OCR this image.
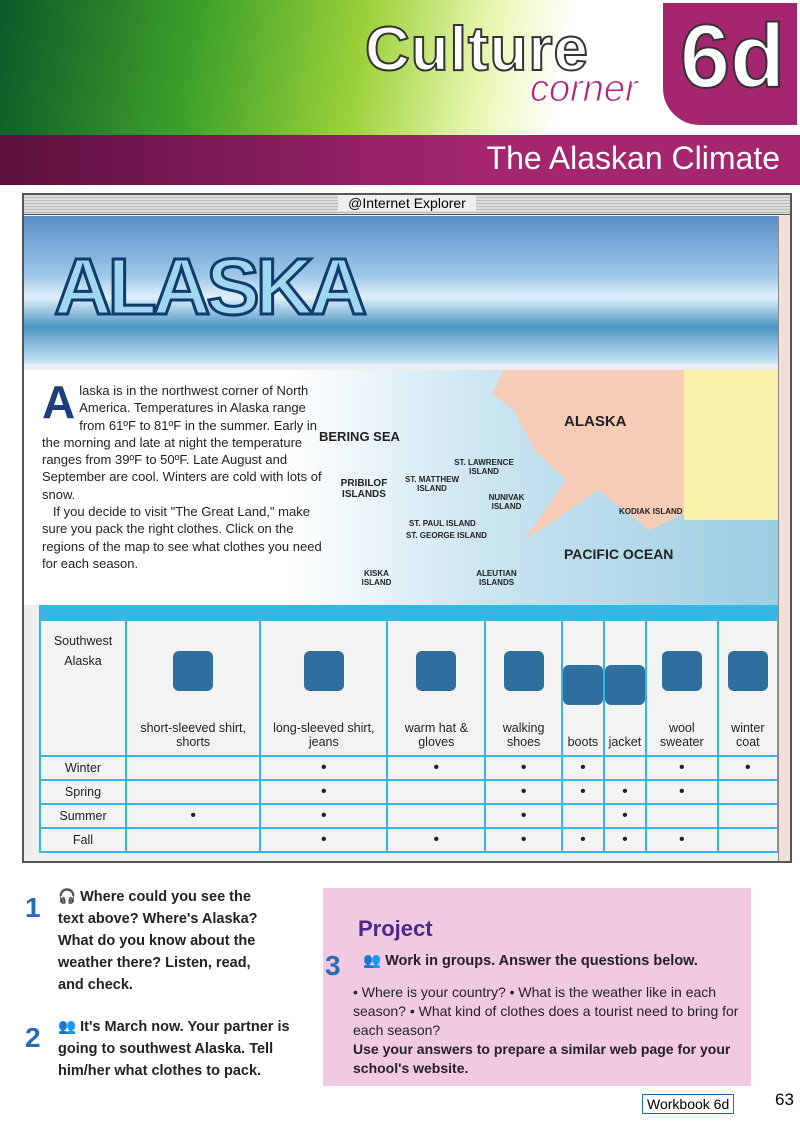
Culture
corner 6d
The Alaskan Climate
@Internet Explorer
ALASKA
A laska is in the northwest corner of North America. Temperatures in Alaska range from 61ºF to 81ºF in the summer. Early in the morning and late at night the temperature ranges from 39ºF to 50ºF. Late August and September are cool. Winters are cold with lots of snow.
If you decide to visit "The Great Land," make sure you pack the right clothes. Click on the regions of the map to see what clothes you need for each season.
ALASKA
BERING SEA
PACIFIC OCEAN
PRIBILOF ISLANDS
ST. MATTHEW ISLAND
ST. LAWRENCE ISLAND
NUNIVAK ISLAND
KODIAK ISLAND
ST. PAUL ISLAND
ST. GEORGE ISLAND
KISKA ISLAND
ALEUTIAN ISLANDS
Southwest Alaska	short-sleeved shirt, shorts	long-sleeved shirt, jeans	warm hat & gloves	walking shoes	boots	jacket	wool sweater	winter coat
Winter		•	•	•	•		•	•
Spring		•		•	•	•	•	
Summer	•	•		•		•		
Fall		•	•	•	•	•	•	
1 🎧 Where could you see the text above? Where's Alaska? What do you know about the weather there? Listen, read, and check.
2 👥 It's March now. Your partner is going to southwest Alaska. Tell him/her what clothes to pack.
Project
3 👥 Work in groups. Answer the questions below.
• Where is your country? • What is the weather like in each season? • What kind of clothes does a tourist need to bring for each season?
Use your answers to prepare a similar web page for your school's website.
Workbook 6d	63
